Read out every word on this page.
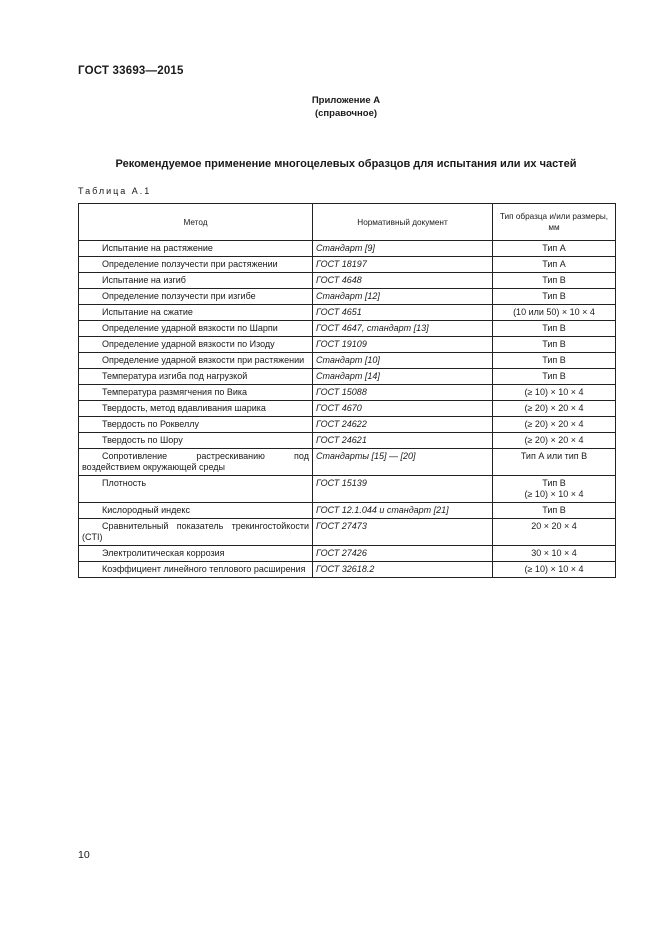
ГОСТ 33693—2015
Приложение А
(справочное)
Рекомендуемое применение многоцелевых образцов для испытания или их частей
Таблица А.1
Метод	Нормативный документ	Тип образца и/или размеры, мм
Испытание на растяжение	Стандарт [9]	Тип А
Определение ползучести при растяжении	ГОСТ 18197	Тип А
Испытание на изгиб	ГОСТ 4648	Тип В
Определение ползучести при изгибе	Стандарт [12]	Тип В
Испытание на сжатие	ГОСТ 4651	(10 или 50) × 10 × 4
Определение ударной вязкости по Шарпи	ГОСТ 4647, стандарт [13]	Тип В
Определение ударной вязкости по Изоду	ГОСТ 19109	Тип В
Определение ударной вязкости при растяжении	Стандарт [10]	Тип В
Температура изгиба под нагрузкой	Стандарт [14]	Тип В
Температура размягчения по Вика	ГОСТ 15088	(≥ 10) × 10 × 4
Твердость, метод вдавливания шарика	ГОСТ 4670	(≥ 20) × 20 × 4
Твердость по Роквеллу	ГОСТ 24622	(≥ 20) × 20 × 4
Твердость по Шору	ГОСТ 24621	(≥ 20) × 20 × 4
Сопротивление растрескиванию под воздействием окружающей среды	Стандарты [15] — [20]	Тип А или тип В
Плотность	ГОСТ 15139	Тип В
(≥ 10) × 10 × 4
Кислородный индекс	ГОСТ 12.1.044 и стандарт [21]	Тип В
Сравнительный показатель трекингостойкости (CTI)	ГОСТ 27473	20 × 20 × 4
Электролитическая коррозия	ГОСТ 27426	30 × 10 × 4
Коэффициент линейного теплового расширения	ГОСТ 32618.2	(≥ 10) × 10 × 4
10
